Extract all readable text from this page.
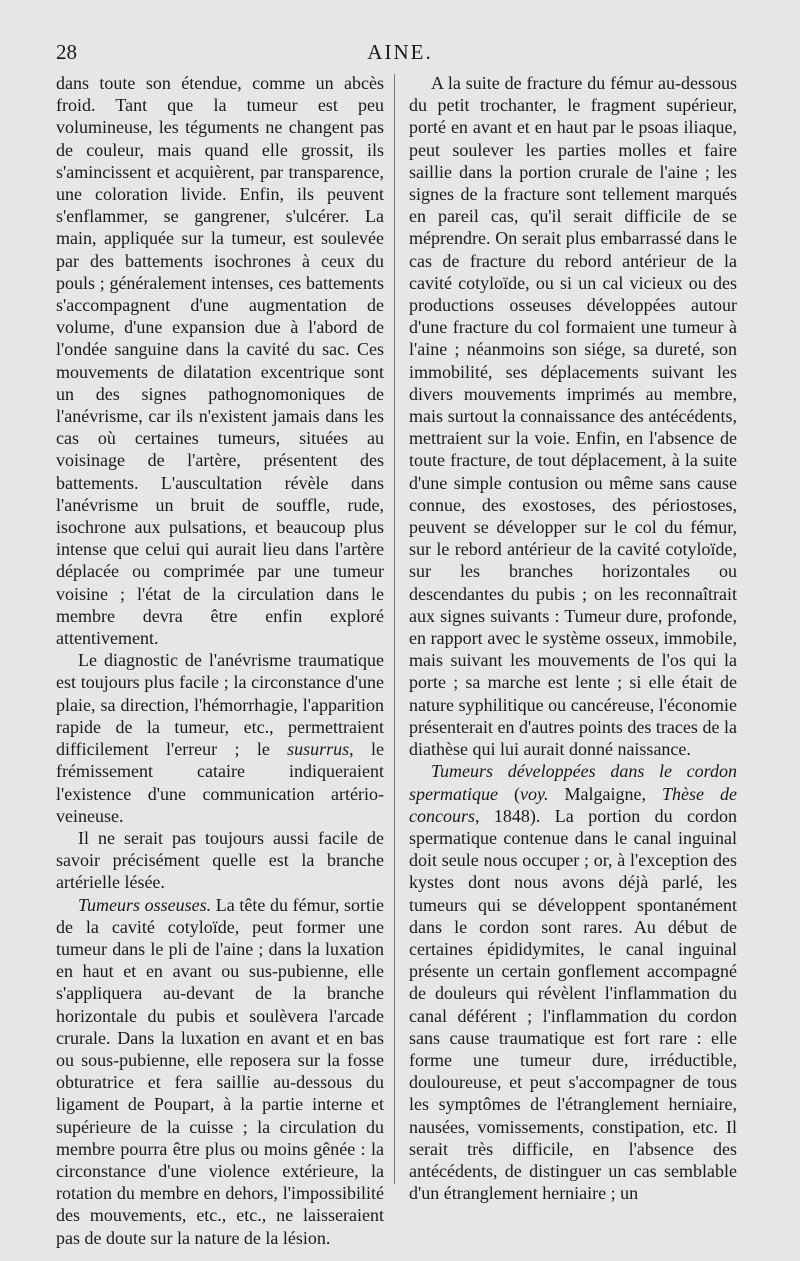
28	AINE.

dans toute son étendue, comme un abcès froid. Tant que la tumeur est peu volumineuse, les téguments ne changent pas de couleur, mais quand elle grossit, ils s'amincissent et acquièrent, par transparence, une coloration livide. Enfin, ils peuvent s'enflammer, se gangrener, s'ulcérer. La main, appliquée sur la tumeur, est soulevée par des battements isochrones à ceux du pouls ; généralement intenses, ces battements s'accompagnent d'une augmentation de volume, d'une expansion due à l'abord de l'ondée sanguine dans la cavité du sac. Ces mouvements de dilatation excentrique sont un des signes pathognomoniques de l'anévrisme, car ils n'existent jamais dans les cas où certaines tumeurs, situées au voisinage de l'artère, présentent des battements. L'auscultation révèle dans l'anévrisme un bruit de souffle, rude, isochrone aux pulsations, et beaucoup plus intense que celui qui aurait lieu dans l'artère déplacée ou comprimée par une tumeur voisine ; l'état de la circulation dans le membre devra être enfin exploré attentivement.

Le diagnostic de l'anévrisme traumatique est toujours plus facile ; la circonstance d'une plaie, sa direction, l'hémorrhagie, l'apparition rapide de la tumeur, etc., permettraient difficilement l'erreur ; le susurrus, le frémissement cataire indiqueraient l'existence d'une communication artério-veineuse.

Il ne serait pas toujours aussi facile de savoir précisément quelle est la branche artérielle lésée.

Tumeurs osseuses. La tête du fémur, sortie de la cavité cotyloïde, peut former une tumeur dans le pli de l'aine ; dans la luxation en haut et en avant ou sus-pubienne, elle s'appliquera au-devant de la branche horizontale du pubis et soulèvera l'arcade crurale. Dans la luxation en avant et en bas ou sous-pubienne, elle reposera sur la fosse obturatrice et fera saillie au-dessous du ligament de Poupart, à la partie interne et supérieure de la cuisse ; la circulation du membre pourra être plus ou moins gênée : la circonstance d'une violence extérieure, la rotation du membre en dehors, l'impossibilité des mouvements, etc., etc., ne laisseraient pas de doute sur la nature de la lésion.

A la suite de fracture du fémur au-dessous du petit trochanter, le fragment supérieur, porté en avant et en haut par le psoas iliaque, peut soulever les parties molles et faire saillie dans la portion crurale de l'aine ; les signes de la fracture sont tellement marqués en pareil cas, qu'il serait difficile de se méprendre. On serait plus embarrassé dans le cas de fracture du rebord antérieur de la cavité cotyloïde, ou si un cal vicieux ou des productions osseuses développées autour d'une fracture du col formaient une tumeur à l'aine ; néanmoins son siége, sa dureté, son immobilité, ses déplacements suivant les divers mouvements imprimés au membre, mais surtout la connaissance des antécédents, mettraient sur la voie. Enfin, en l'absence de toute fracture, de tout déplacement, à la suite d'une simple contusion ou même sans cause connue, des exostoses, des périostoses, peuvent se développer sur le col du fémur, sur le rebord antérieur de la cavité cotyloïde, sur les branches horizontales ou descendantes du pubis ; on les reconnaîtrait aux signes suivants : Tumeur dure, profonde, en rapport avec le système osseux, immobile, mais suivant les mouvements de l'os qui la porte ; sa marche est lente ; si elle était de nature syphilitique ou cancéreuse, l'économie présenterait en d'autres points des traces de la diathèse qui lui aurait donné naissance.

Tumeurs développées dans le cordon spermatique (voy. Malgaigne, Thèse de concours, 1848). La portion du cordon spermatique contenue dans le canal inguinal doit seule nous occuper ; or, à l'exception des kystes dont nous avons déjà parlé, les tumeurs qui se développent spontanément dans le cordon sont rares. Au début de certaines épididymites, le canal inguinal présente un certain gonflement accompagné de douleurs qui révèlent l'inflammation du canal déférent ; l'inflammation du cordon sans cause traumatique est fort rare : elle forme une tumeur dure, irréductible, douloureuse, et peut s'accompagner de tous les symptômes de l'étranglement herniaire, nausées, vomissements, constipation, etc. Il serait très difficile, en l'absence des antécédents, de distinguer un cas semblable d'un étranglement herniaire ; un
